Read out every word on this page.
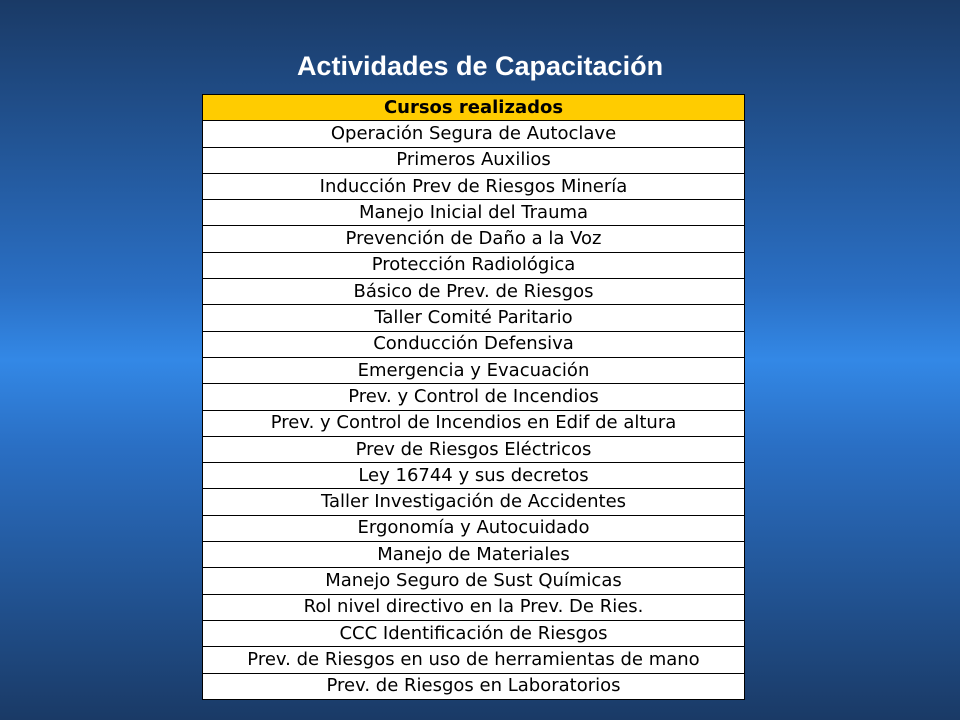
Actividades de Capacitación
Cursos realizados
Operación Segura de Autoclave
Primeros Auxilios
Inducción Prev de Riesgos Minería
Manejo Inicial del Trauma
Prevención de Daño a la Voz
Protección Radiológica
Básico de Prev. de Riesgos
Taller Comité Paritario
Conducción Defensiva
Emergencia y Evacuación
Prev. y Control de Incendios
Prev. y Control de Incendios en Edif de altura
Prev de Riesgos Eléctricos
Ley 16744 y sus decretos
Taller Investigación de Accidentes
Ergonomía y Autocuidado
Manejo de Materiales
Manejo Seguro de Sust Químicas
Rol nivel directivo en la Prev. De Ries.
CCC Identificación de Riesgos
Prev. de Riesgos en uso de herramientas de mano
Prev. de Riesgos en Laboratorios
